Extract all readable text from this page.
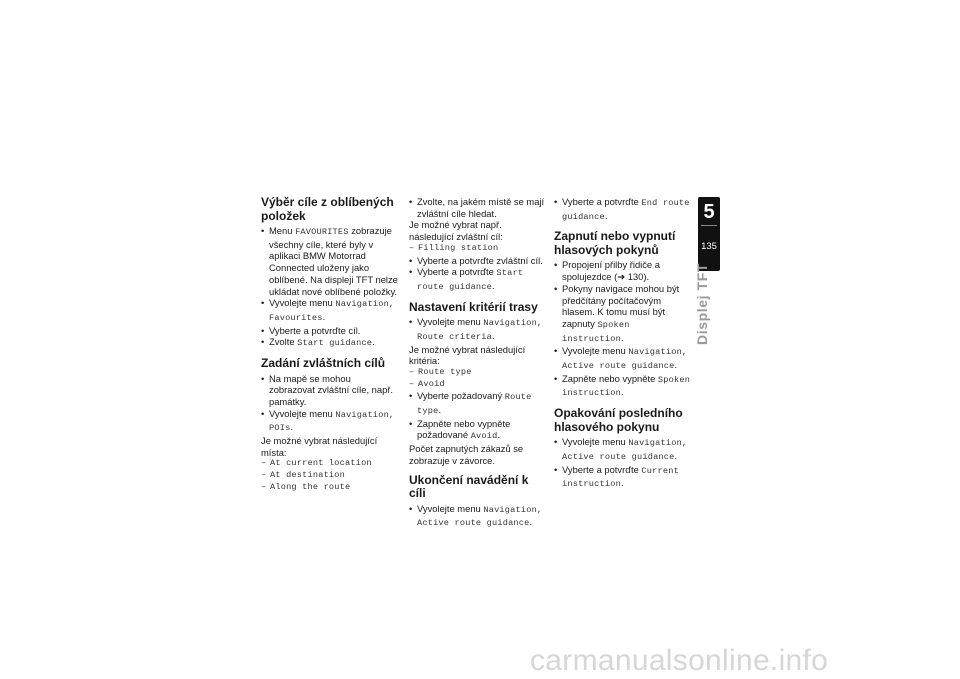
Výběr cíle z oblíbených položek

• Menu FAVOURITES zobrazuje všechny cíle, které byly v aplikaci BMW Motorrad Connected uloženy jako oblíbené. Na displeji TFT nelze ukládat nové oblíbené položky.

• Vyvolejte menu Navigation, Favourites.

• Vyberte a potvrďte cíl.

• Zvolte Start guidance.

Zadání zvláštních cílů

• Na mapě se mohou zobrazovat zvláštní cíle, např. památky.

• Vyvolejte menu Navigation, POIs.

Je možné vybrat následující místa:

– At current location

– At destination

– Along the route

• Zvolte, na jakém místě se mají zvláštní cíle hledat.

Je možné vybrat např. následující zvláštní cíl:

– Filling station

• Vyberte a potvrďte zvláštní cíl.

• Vyberte a potvrďte Start route guidance.

Nastavení kritérií trasy

• Vyvolejte menu Navigation, Route criteria.

Je možné vybrat následující kritéria:

– Route type

– Avoid

• Vyberte požadovaný Route type.

• Zapněte nebo vypněte požadované Avoid.

Počet zapnutých zákazů se zobrazuje v závorce.

Ukončení navádění k cíli

• Vyvolejte menu Navigation, Active route guidance.

• Vyberte a potvrďte End route guidance.

Zapnutí nebo vypnutí hlasových pokynů

• Propojení přilby řidiče a spolujezdce (➜ 130).

• Pokyny navigace mohou být předčítány počítačovým hlasem. K tomu musí být zapnuty Spoken instruction.

• Vyvolejte menu Navigation, Active route guidance.

• Zapněte nebo vypněte Spoken instruction.

Opakování posledního hlasového pokynu

• Vyvolejte menu Navigation, Active route guidance.

• Vyberte a potvrďte Current instruction.

5
135
Displej TFT
carmanualsonline.info
